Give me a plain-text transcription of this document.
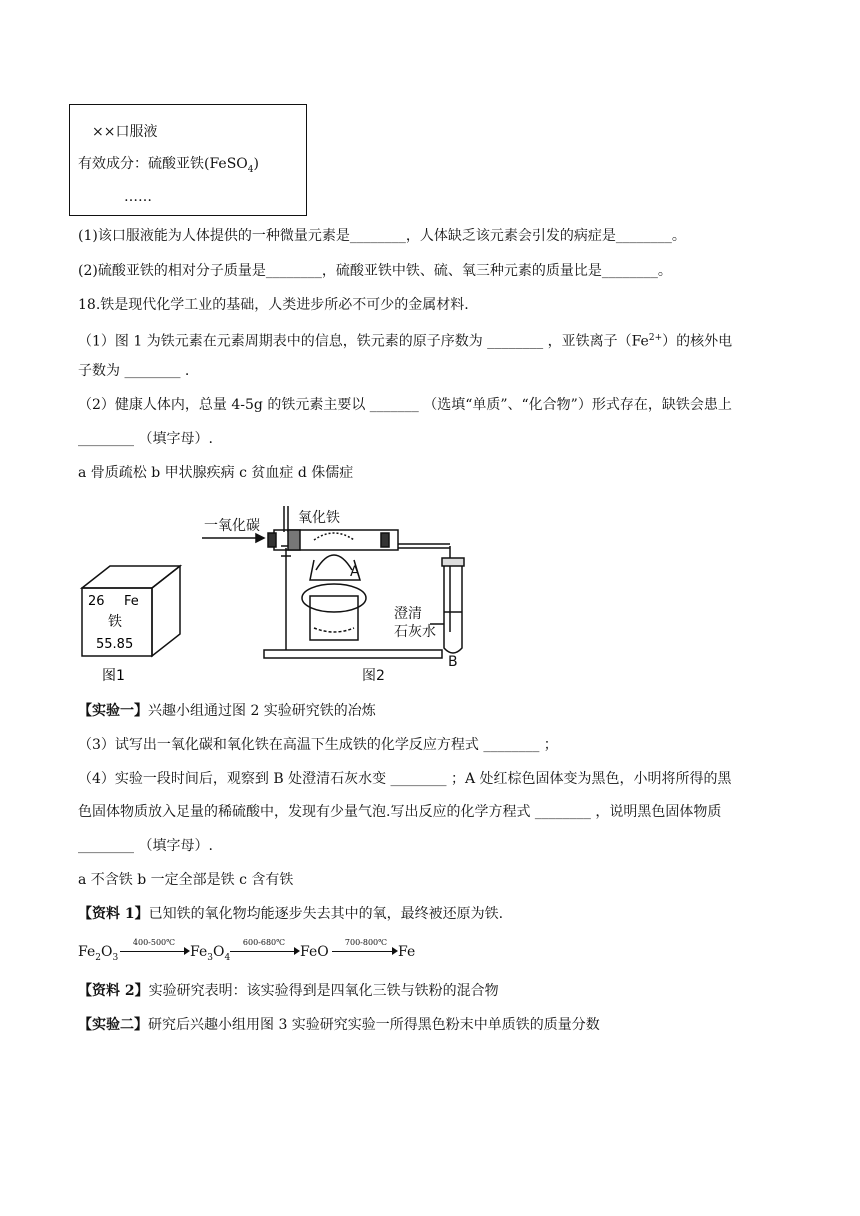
××口服液
有效成分：硫酸亚铁(FeSO$_4$)
……
(1)该口服液能为人体提供的一种微量元素是________，人体缺乏该元素会引发的病症是________。
(2)硫酸亚铁的相对分子质量是________，硫酸亚铁中铁、硫、氧三种元素的质量比是________。
18.铁是现代化学工业的基础，人类进步所必不可少的金属材料.
（1）图 1 为铁元素在元素周期表中的信息，铁元素的原子序数为 ________ ，亚铁离子$(Fe^{2+})$的核外电
子数为 ________ .
（2）健康人体内，总量 4-5g 的铁元素主要以 _______ （选填“单质”、“化合物”）形式存在，缺铁会患上
________ （填字母）.
a 骨质疏松 b 甲状腺疾病 c 贫血症 d 侏儒症
26 Fe
铁
55.85
图1
一氧化碳	氧化铁
A
澄清
石灰水
B
图2
【实验一】兴趣小组通过图 2 实验研究铁的冶炼
（3）试写出一氧化碳和氧化铁在高温下生成铁的化学反应方程式 ________ ；
（4）实验一段时间后，观察到 B 处澄清石灰水变 ________ ；A 处红棕色固体变为黑色，小明将所得的黑
色固体物质放入足量的稀硫酸中，发现有少量气泡.写出反应的化学方程式 ________ ，说明黑色固体物质
________ （填字母）.
a 不含铁 b 一定全部是铁 c 含有铁
【资料 1】已知铁的氧化物均能逐步失去其中的氧，最终被还原为铁.
$Fe_2O_3$
400-500℃
$Fe_3O_4$
600-680℃
FeO
700-800℃
Fe
【资料 2】实验研究表明：该实验得到是四氧化三铁与铁粉的混合物
【实验二】研究后兴趣小组用图 3 实验研究实验一所得黑色粉末中单质铁的质量分数
